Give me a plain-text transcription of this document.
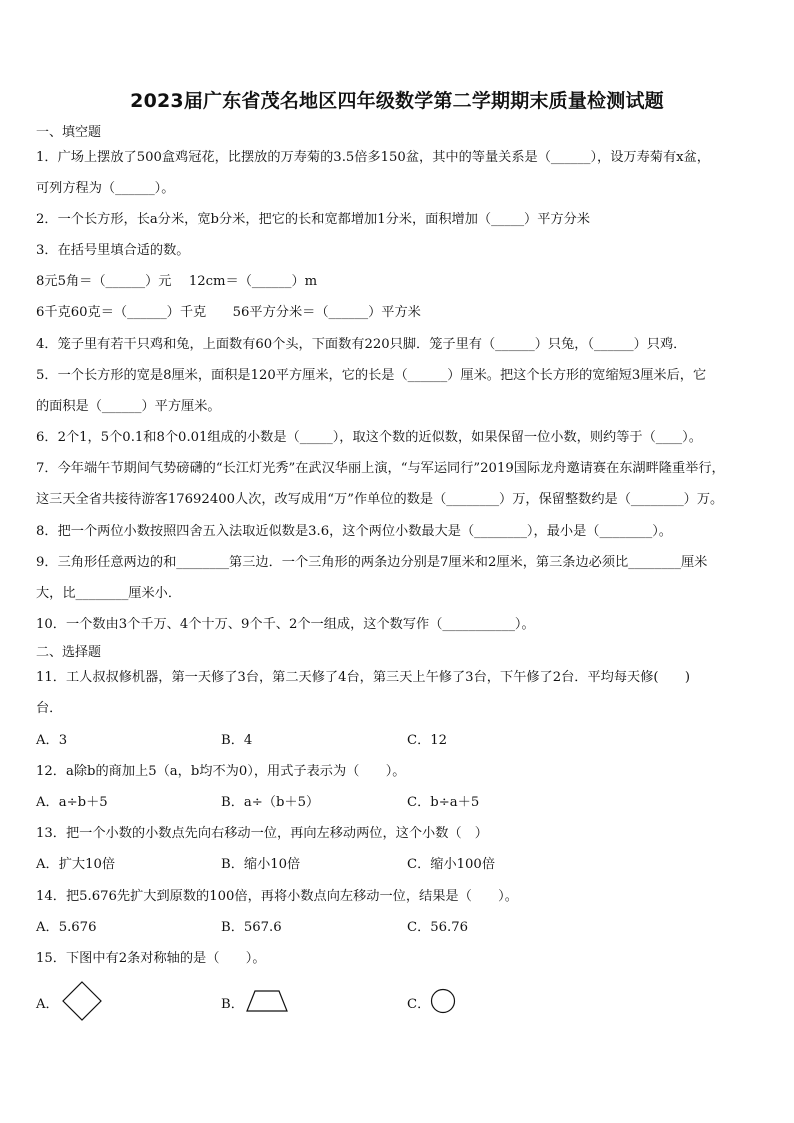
2023届广东省茂名地区四年级数学第二学期期末质量检测试题
一、填空题
1．广场上摆放了500盒鸡冠花，比摆放的万寿菊的3.5倍多150盆，其中的等量关系是（______），设万寿菊有x盆，
可列方程为（______）。
2．一个长方形，长a分米，宽b分米，把它的长和宽都增加1分米，面积增加（_____）平方分米
3．在括号里填合适的数。
8元5角＝（______）元　 12cm＝（______）m
6千克60克＝（______）千克　　56平方分米＝（______）平方米
4．笼子里有若干只鸡和兔，上面数有60个头，下面数有220只脚．笼子里有（______）只兔，（______）只鸡．
5．一个长方形的宽是8厘米，面积是120平方厘米，它的长是（______）厘米。把这个长方形的宽缩短3厘米后，它
的面积是（______）平方厘米。
6．2个1，5个0.1和8个0.01组成的小数是（_____），取这个数的近似数，如果保留一位小数，则约等于（____）。
7．今年端午节期间气势磅礴的“长江灯光秀”在武汉华丽上演，“与军运同行”2019国际龙舟邀请赛在东湖畔隆重举行，
这三天全省共接待游客17692400人次，改写成用“万”作单位的数是（________）万，保留整数约是（________）万。
8．把一个两位小数按照四舍五入法取近似数是3.6，这个两位小数最大是（________），最小是（________）。
9．三角形任意两边的和________第三边．一个三角形的两条边分别是7厘米和2厘米，第三条边必须比________厘米
大，比________厘米小．
10．一个数由3个千万、4个十万、9个千、2个一组成，这个数写作（___________）。
二、选择题
11．工人叔叔修机器，第一天修了3台，第二天修了4台，第三天上午修了3台，下午修了2台．平均每天修(　　)
台．
A．3	B．4	C．12
12．a除b的商加上5（a，b均不为0），用式子表示为（　　）。
A．a÷b＋5	B．a÷（b＋5）	C．b÷a＋5
13．把一个小数的小数点先向右移动一位，再向左移动两位，这个小数（　）
A．扩大10倍	B．缩小10倍	C．缩小100倍
14．把5.676先扩大到原数的100倍，再将小数点向左移动一位，结果是（　　）。
A．5.676	B．567.6	C．56.76
15．下图中有2条对称轴的是（　　）。
A．	B．	C．
